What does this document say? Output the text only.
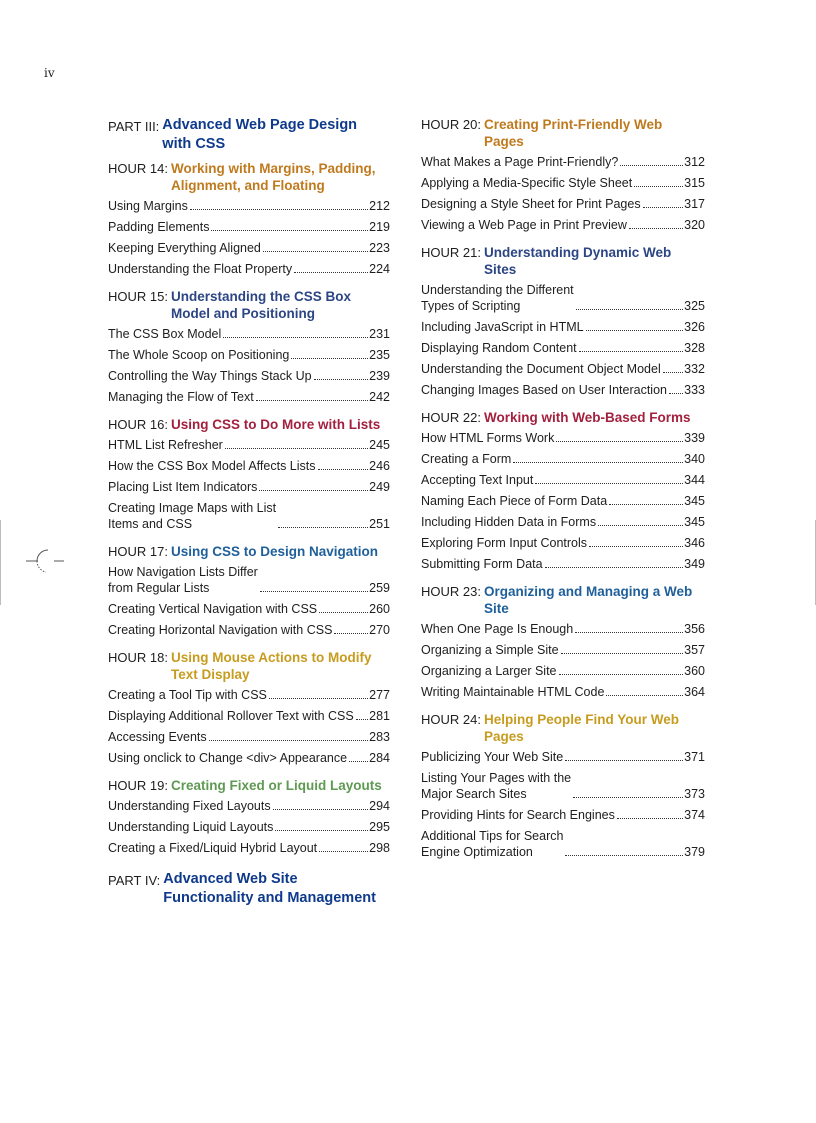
iv
PART III: Advanced Web Page Design with CSS
HOUR 14: Working with Margins, Padding, Alignment, and Floating
Using Margins	212
Padding Elements	219
Keeping Everything Aligned	223
Understanding the Float Property	224
HOUR 15: Understanding the CSS Box Model and Positioning
The CSS Box Model	231
The Whole Scoop on Positioning	235
Controlling the Way Things Stack Up	239
Managing the Flow of Text	242
HOUR 16: Using CSS to Do More with Lists
HTML List Refresher	245
How the CSS Box Model Affects Lists	246
Placing List Item Indicators	249
Creating Image Maps with List
Items and CSS	251
HOUR 17: Using CSS to Design Navigation
How Navigation Lists Differ
from Regular Lists	259
Creating Vertical Navigation with CSS	260
Creating Horizontal Navigation with CSS	270
HOUR 18: Using Mouse Actions to Modify Text Display
Creating a Tool Tip with CSS	277
Displaying Additional Rollover Text with CSS 281
Accessing Events	283
Using onclick to Change <div> Appearance 284
HOUR 19: Creating Fixed or Liquid Layouts
Understanding Fixed Layouts	294
Understanding Liquid Layouts	295
Creating a Fixed/Liquid Hybrid Layout	298
PART IV: Advanced Web Site Functionality and Management
HOUR 20: Creating Print-Friendly Web Pages
What Makes a Page Print-Friendly?	312
Applying a Media-Specific Style Sheet	315
Designing a Style Sheet for Print Pages	317
Viewing a Web Page in Print Preview	320
HOUR 21: Understanding Dynamic Web Sites
Understanding the Different
Types of Scripting	325
Including JavaScript in HTML	326
Displaying Random Content	328
Understanding the Document Object Model 332
Changing Images Based on User Interaction 333
HOUR 22: Working with Web-Based Forms
How HTML Forms Work	339
Creating a Form	340
Accepting Text Input	344
Naming Each Piece of Form Data	345
Including Hidden Data in Forms	345
Exploring Form Input Controls	346
Submitting Form Data	349
HOUR 23: Organizing and Managing a Web Site
When One Page Is Enough	356
Organizing a Simple Site	357
Organizing a Larger Site	360
Writing Maintainable HTML Code	364
HOUR 24: Helping People Find Your Web Pages
Publicizing Your Web Site	371
Listing Your Pages with the
Major Search Sites	373
Providing Hints for Search Engines	374
Additional Tips for Search
Engine Optimization	379
